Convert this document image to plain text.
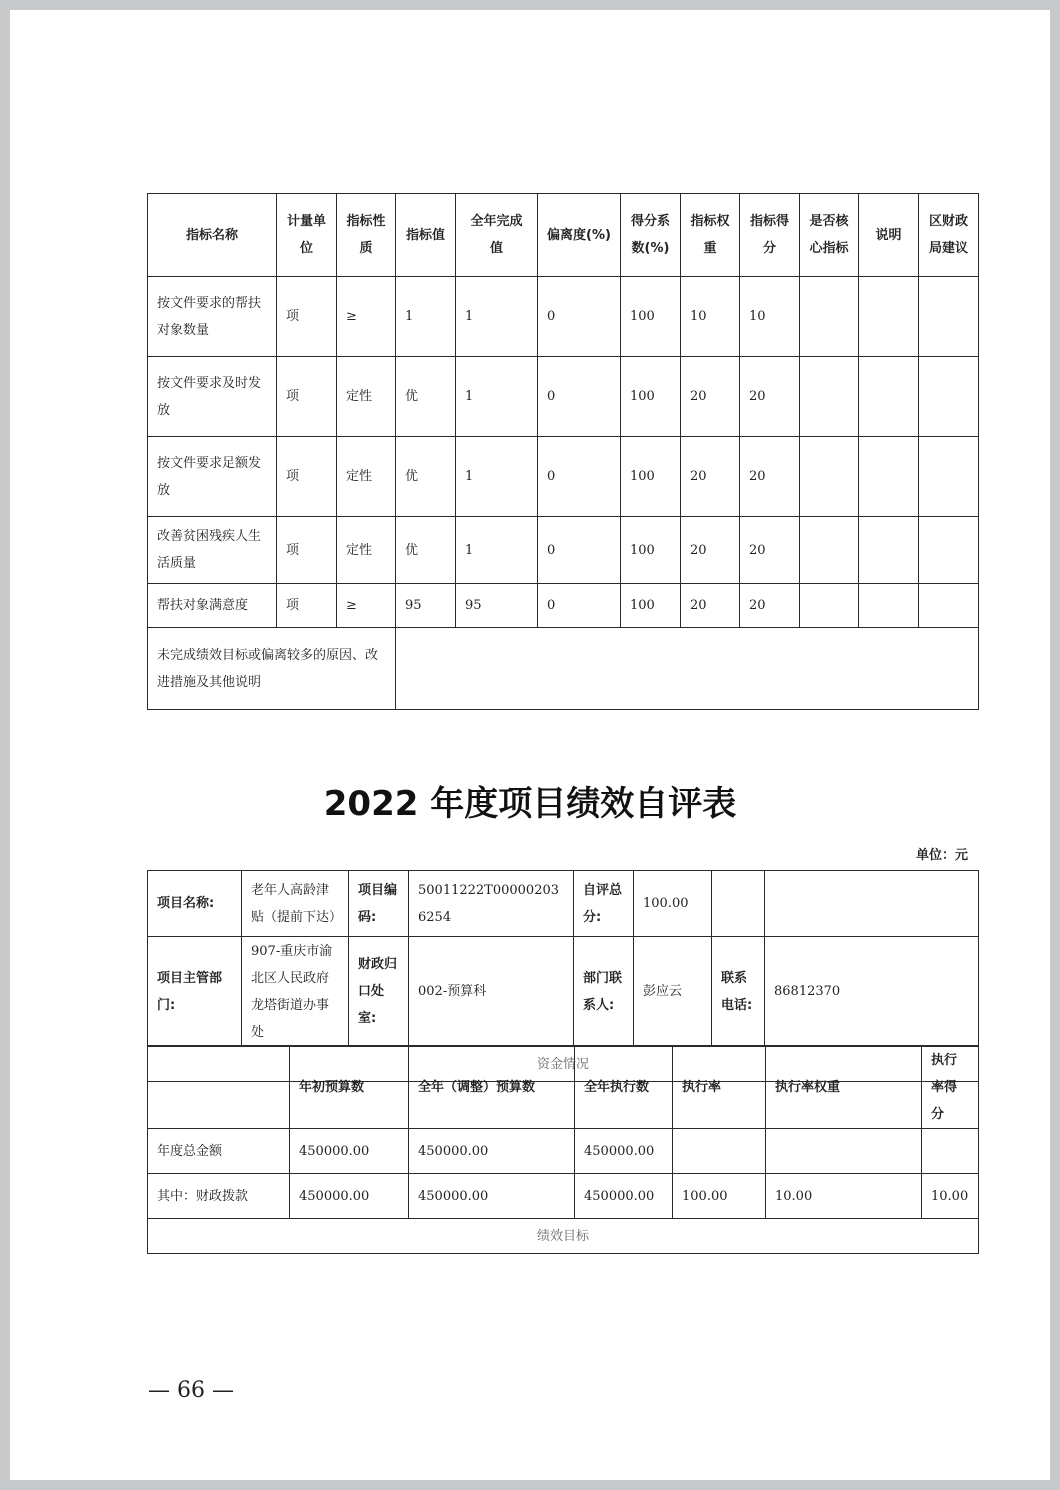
指标名称	计量单位	指标性质	指标值	全年完成值	偏离度(%)	得分系数(%)	指标权重	指标得分	是否核心指标	说明	区财政局建议
按文件要求的帮扶对象数量	项	≥	1	1	0	100	10	10			
按文件要求及时发放	项	定性	优	1	0	100	20	20			
按文件要求足额发放	项	定性	优	1	0	100	20	20			
改善贫困残疾人生活质量	项	定性	优	1	0	100	20	20			
帮扶对象满意度	项	≥	95	95	0	100	20	20			
未完成绩效目标或偏离较多的原因、改进措施及其他说明											
2022 年度项目绩效自评表
单位：元
项目名称:	老年人高龄津贴（提前下达）	项目编码:	50011222T000002036254	自评总分:	100.00		
项目主管部门:	907-重庆市渝北区人民政府龙塔街道办事处	财政归口处室:	002-预算科	部门联系人:	彭应云	联系电话:	86812370
资金情况							
	年初预算数	全年（调整）预算数	全年执行数	执行率	执行率权重	执行率得分
年度总金额	450000.00	450000.00	450000.00			
其中：财政拨款	450000.00	450000.00	450000.00	100.00	10.00	10.00
绩效目标						
— 66 —
